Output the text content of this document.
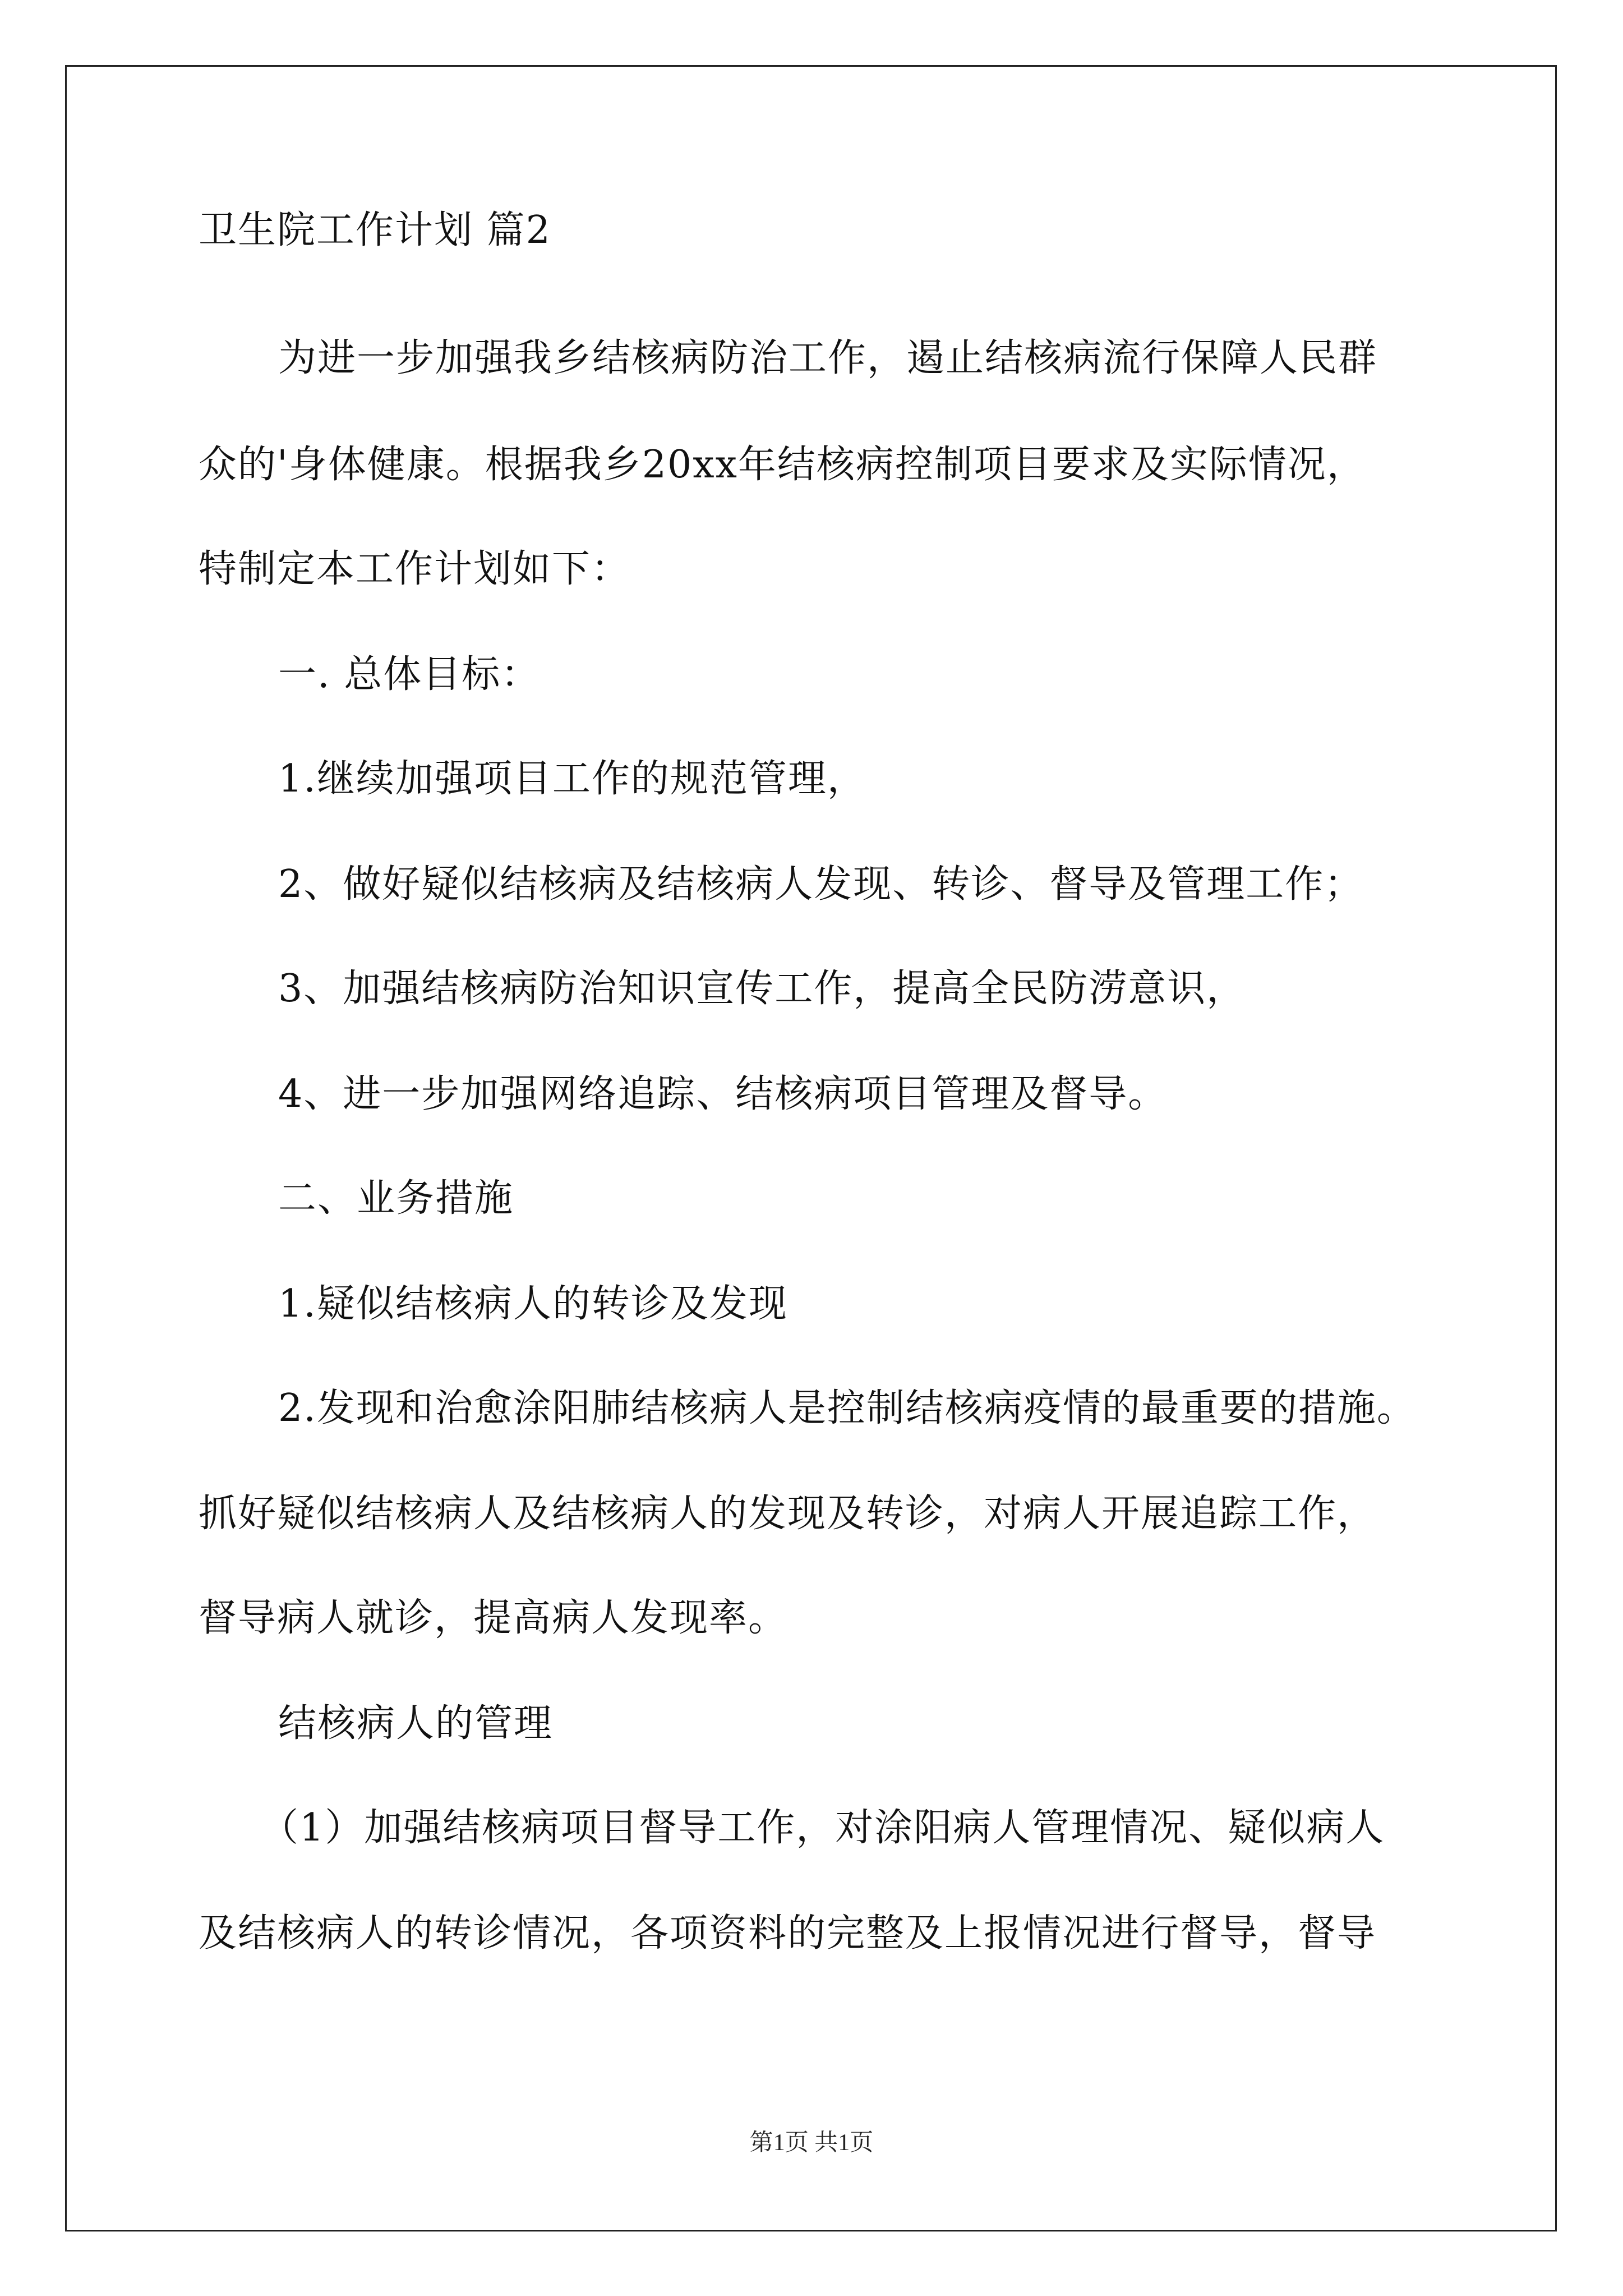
卫生院工作计划 篇2
为进一步加强我乡结核病防治工作，遏止结核病流行保障人民群
众的'身体健康。根据我乡20xx年结核病控制项目要求及实际情况，
特制定本工作计划如下：
一. 总体目标：
1.继续加强项目工作的规范管理，
2、做好疑似结核病及结核病人发现、转诊、督导及管理工作；
3、加强结核病防治知识宣传工作，提高全民防涝意识，
4、进一步加强网络追踪、结核病项目管理及督导。
二、业务措施
1.疑似结核病人的转诊及发现
2.发现和治愈涂阳肺结核病人是控制结核病疫情的最重要的措施。
抓好疑似结核病人及结核病人的发现及转诊，对病人开展追踪工作，
督导病人就诊，提高病人发现率。
结核病人的管理
（1）加强结核病项目督导工作，对涂阳病人管理情况、疑似病人
及结核病人的转诊情况，各项资料的完整及上报情况进行督导，督导
第1页 共1页
